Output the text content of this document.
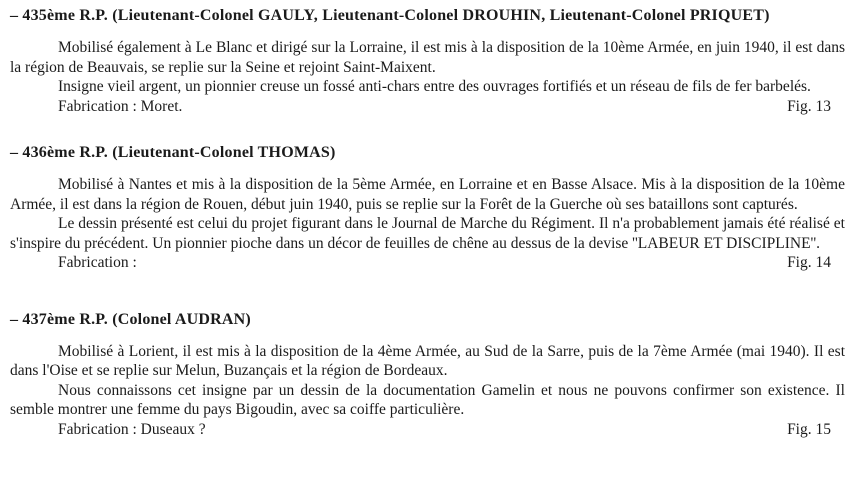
– 435ème R.P. (Lieutenant-Colonel GAULY, Lieutenant-Colonel DROUHIN, Lieutenant-Colonel PRIQUET)

Mobilisé également à Le Blanc et dirigé sur la Lorraine, il est mis à la disposition de la 10ème Armée, en juin 1940, il est dans la région de Beauvais, se replie sur la Seine et rejoint Saint-Maixent.

Insigne vieil argent, un pionnier creuse un fossé anti-chars entre des ouvrages fortifiés et un réseau de fils de fer barbelés.

Fabrication : Moret.	Fig. 13
– 436ème R.P. (Lieutenant-Colonel THOMAS)

Mobilisé à Nantes et mis à la disposition de la 5ème Armée, en Lorraine et en Basse Alsace. Mis à la disposition de la 10ème Armée, il est dans la région de Rouen, début juin 1940, puis se replie sur la Forêt de la Guerche où ses bataillons sont capturés.

Le dessin présenté est celui du projet figurant dans le Journal de Marche du Régiment. Il n'a probablement jamais été réalisé et s'inspire du précédent. Un pionnier pioche dans un décor de feuilles de chêne au dessus de la devise ''LABEUR ET DISCIPLINE''.

Fabrication :	Fig. 14
– 437ème R.P. (Colonel AUDRAN)

Mobilisé à Lorient, il est mis à la disposition de la 4ème Armée, au Sud de la Sarre, puis de la 7ème Armée (mai 1940). Il est dans l'Oise et se replie sur Melun, Buzançais et la région de Bordeaux.

Nous connaissons cet insigne par un dessin de la documentation Gamelin et nous ne pouvons confirmer son existence. Il semble montrer une femme du pays Bigoudin, avec sa coiffe particulière.

Fabrication : Duseaux ?	Fig. 15
